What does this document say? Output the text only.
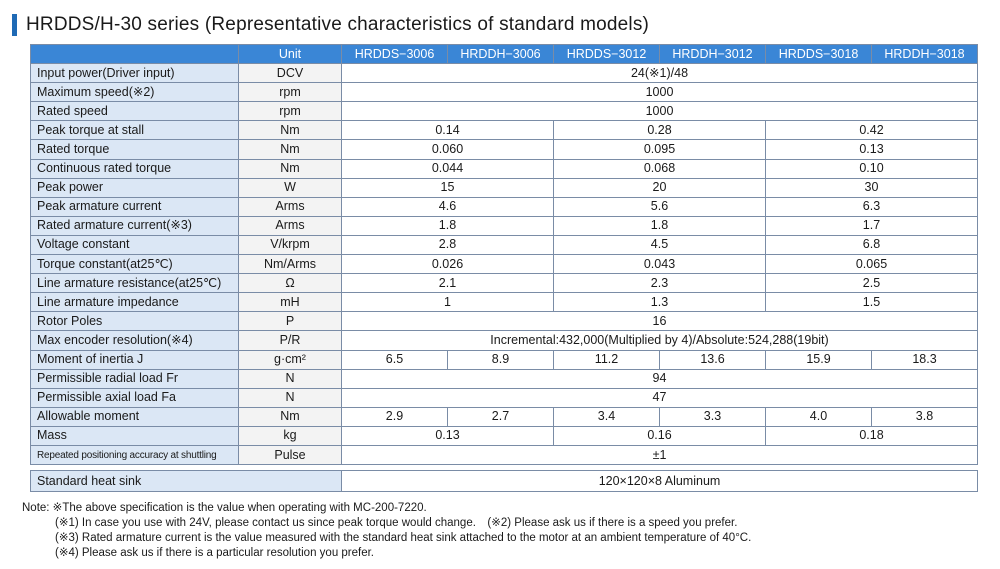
HRDDS/H-30 series (Representative characteristics of standard models)
	Unit	HRDDS−3006	HRDDH−3006	HRDDS−3012	HRDDH−3012	HRDDS−3018	HRDDH−3018
Input power(Driver input)	DCV	24(※1)/48					
Maximum speed(※2)	rpm	1000					
Rated speed	rpm	1000					
Peak torque at stall	Nm	0.14		0.28		0.42	
Rated torque	Nm	0.060		0.095		0.13	
Continuous rated torque	Nm	0.044		0.068		0.10	
Peak power	W	15		20		30	
Peak armature current	Arms	4.6		5.6		6.3	
Rated armature current(※3)	Arms	1.8		1.8		1.7	
Voltage constant	V/krpm	2.8		4.5		6.8	
Torque constant(at25℃)	Nm/Arms	0.026		0.043		0.065	
Line armature resistance(at25℃)	Ω	2.1		2.3		2.5	
Line armature impedance	mH	1		1.3		1.5	
Rotor Poles	P	16					
Max encoder resolution(※4)	P/R	Incremental:432,000(Multiplied by 4)/Absolute:524,288(19bit)					
Moment of inertia J	g·cm²	6.5	8.9	11.2	13.6	15.9	18.3
Permissible radial load Fr	N	94					
Permissible axial load Fa	N	47					
Allowable moment	Nm	2.9	2.7	3.4	3.3	4.0	3.8
Mass	kg	0.13		0.16		0.18	
Repeated positioning accuracy at shuttling	Pulse	±1					

Standard heat sink		120×120×8 Aluminum					
Note: ※The above specification is the value when operating with MC-200-7220.
(※1) In case you use with 24V, please contact us since peak torque would change.　(※2) Please ask us if there is a speed you prefer.
(※3) Rated armature current is the value measured with the standard heat sink attached to the motor at an ambient temperature of 40°C.
(※4) Please ask us if there is a particular resolution you prefer.
